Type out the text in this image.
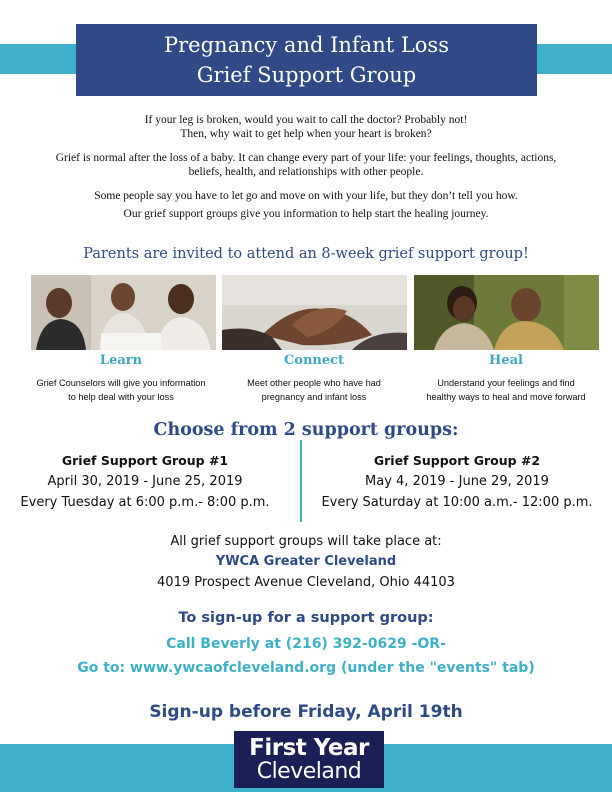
Pregnancy and Infant Loss
Grief Support Group
If your leg is broken, would you wait to call the doctor? Probably not!
Then, why wait to get help when your heart is broken?
Grief is normal after the loss of a baby. It can change every part of your life: your feelings, thoughts, actions,
beliefs, health, and relationships with other people.
Some people say you have to let go and move on with your life, but they don’t tell you how.
Our grief support groups give you information to help start the healing journey.
Parents are invited to attend an 8-week grief support group!
Learn	Connect	Heal
Grief Counselors will give you information
to help deal with your loss
Meet other people who have had
pregnancy and infant loss
Understand your feelings and find
healthy ways to heal and move forward
Choose from 2 support groups:
Grief Support Group #1
April 30, 2019 - June 25, 2019
Every Tuesday at 6:00 p.m.- 8:00 p.m.
Grief Support Group #2
May 4, 2019 - June 29, 2019
Every Saturday at 10:00 a.m.- 12:00 p.m.
All grief support groups will take place at:
YWCA Greater Cleveland
4019 Prospect Avenue Cleveland, Ohio 44103
To sign-up for a support group:
Call Beverly at (216) 392-0629 -OR-
Go to: www.ywcaofcleveland.org (under the "events" tab)
Sign-up before Friday, April 19th
First Year
Cleveland
